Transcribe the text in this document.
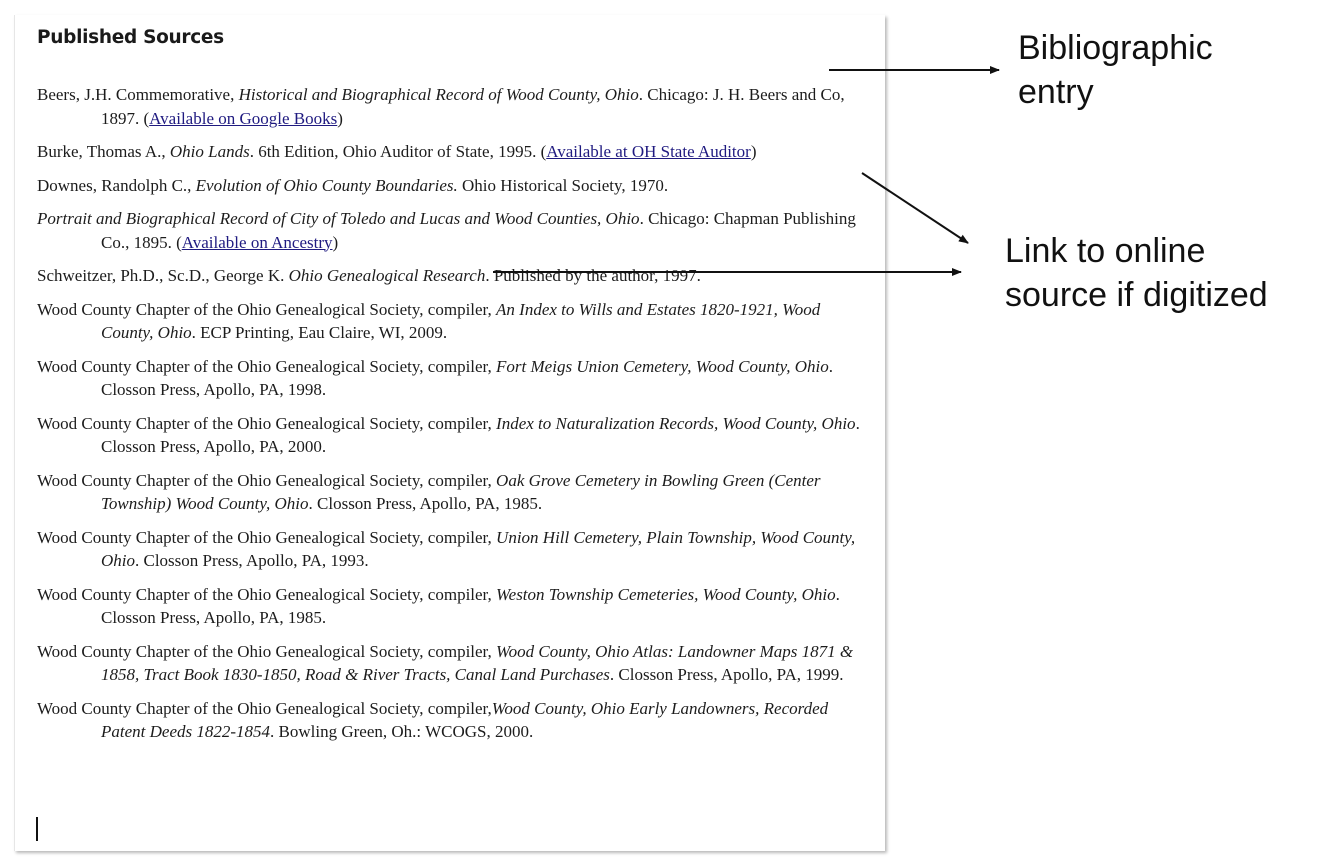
Published Sources

Beers, J.H. Commemorative, Historical and Biographical Record of Wood County, Ohio. Chicago: J. H. Beers and Co, 1897. (Available on Google Books)

Burke, Thomas A., Ohio Lands. 6th Edition, Ohio Auditor of State, 1995. (Available at OH State Auditor)

Downes, Randolph C., Evolution of Ohio County Boundaries. Ohio Historical Society, 1970.

Portrait and Biographical Record of City of Toledo and Lucas and Wood Counties, Ohio. Chicago: Chapman Publishing Co., 1895. (Available on Ancestry)

Schweitzer, Ph.D., Sc.D., George K. Ohio Genealogical Research. Published by the author, 1997.

Wood County Chapter of the Ohio Genealogical Society, compiler, An Index to Wills and Estates 1820-1921, Wood County, Ohio. ECP Printing, Eau Claire, WI, 2009.

Wood County Chapter of the Ohio Genealogical Society, compiler, Fort Meigs Union Cemetery, Wood County, Ohio. Closson Press, Apollo, PA, 1998.

Wood County Chapter of the Ohio Genealogical Society, compiler, Index to Naturalization Records, Wood County, Ohio. Closson Press, Apollo, PA, 2000.

Wood County Chapter of the Ohio Genealogical Society, compiler, Oak Grove Cemetery in Bowling Green (Center Township) Wood County, Ohio. Closson Press, Apollo, PA, 1985.

Wood County Chapter of the Ohio Genealogical Society, compiler, Union Hill Cemetery, Plain Township, Wood County, Ohio. Closson Press, Apollo, PA, 1993.

Wood County Chapter of the Ohio Genealogical Society, compiler, Weston Township Cemeteries, Wood County, Ohio. Closson Press, Apollo, PA, 1985.

Wood County Chapter of the Ohio Genealogical Society, compiler, Wood County, Ohio Atlas: Landowner Maps 1871 & 1858, Tract Book 1830-1850, Road & River Tracts, Canal Land Purchases. Closson Press, Apollo, PA, 1999.

Wood County Chapter of the Ohio Genealogical Society, compiler,Wood County, Ohio Early Landowners, Recorded Patent Deeds 1822-1854. Bowling Green, Oh.: WCOGS, 2000.

Bibliographic
entry
Link to online
source if digitized
